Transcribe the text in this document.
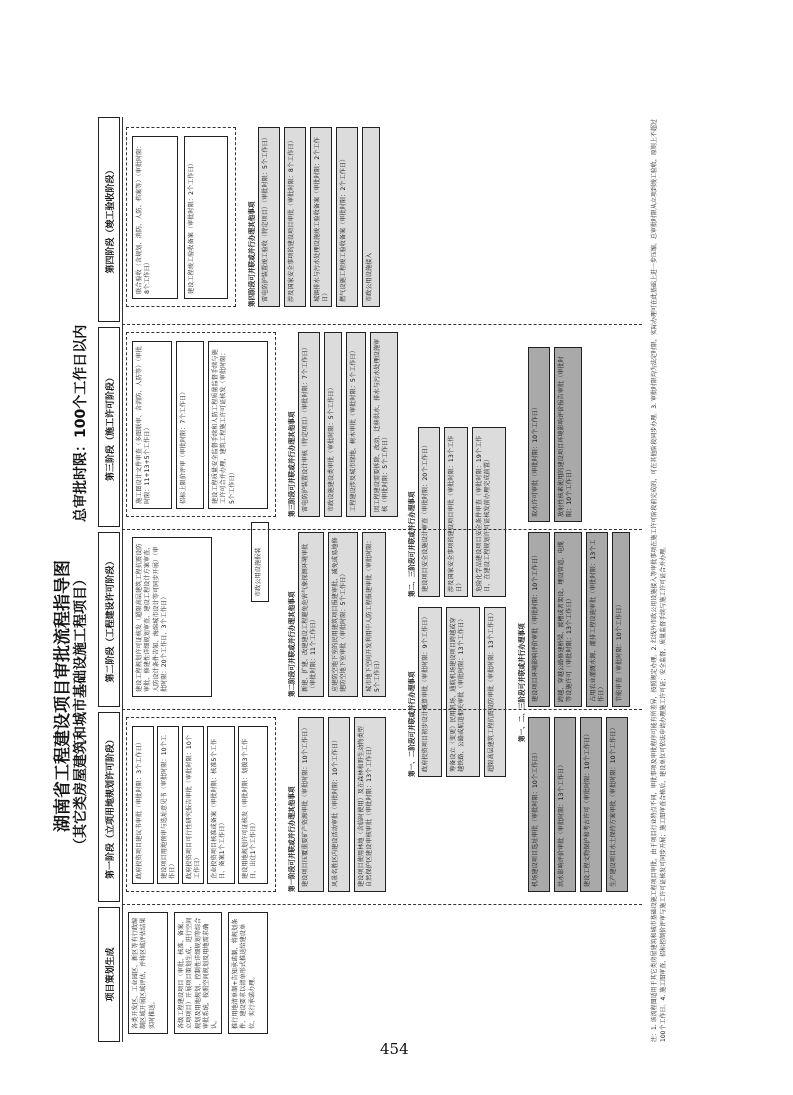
湖南省工程建设项目审批流程指导图 （其它类房屋建筑和城市基础设施工程项目）
总审批时限：100个工作日以内
项目策划生成
第一阶段（立项用地规划许可阶段）
第二阶段（工程建设许可阶段）
第三阶段（施工许可阶段）
第四阶段（竣工验收阶段）
各类开发区、工业园区、新区等有行政编制区域开展区域评估，并将区域评估结果实时推送。	各级工程建设项目（审批、核准、备案、立项项目）开展项目策划生成，进行空间规划及用地规划、控制性详细规划等综合审批系统，按照空间规划及用地需求确认。	推行用地清单制+告知承诺制，将规划条件、建设要求以清单形式推送给建设单位，实行承诺办理。
政府投资项目建议书审批（审批时限：3个工作日）	建设项目用地预审与选址意见书（审批时限：10个工作日）	政府投资项目可行性研究报告审批（审批时限：10个工作日）	企业投资项目核准或备案（审批时限：核准5个工作日、备案1个工作日）	建设用地规划许可证核发（审批时限：划拨3个工作日、出让1个工作日）
建设工程规划许可证核发（超限高层建筑工程抗震设防审批、修建性详细规划审查、建设工程设计方案审查、人防设计条件告知、海绵城市设计等可同步开展）（审批时限：20个工作日、3个工作日）
施工图设计文件审查（多图联审、含消防、人防等）（审批时限：11+13+5个工作日）	招标上限价评审（审批时限：7个工作日）	建设工程质量安全监督手续和人防工程质量监督手续与施工许可合并办理，建筑工程施工许可证核发（审批时限：5个工作日）
市政公用设施报装
联合验收（含规划、消防、人防、档案等）（审批时限：8个工作日）	建设工程竣工验收备案（审批时限：2个工作日）
第一阶段可并联或并行办理其他事项 建设项目压覆重要矿产资源审批（审批时限：10个工作日）	风景名胜区内建设活动审批（审批时限：10个工作日）	建设项目使用林地（含临时使用）及在森林和野生动物类型自然保护区建设审核审批（审批时限：13个工作日）
第二阶段可并联或并行办理其他事项 新建、扩建、改建建设工程避免危害气象探测环境审批（审批时限：11个工作日）	应建防空地下室的民用建筑项目报建审批、减免或易地修建防空地下室审批（审批时限：5个工作日）	城市地下空间开发利用中人防工程报建审批（审批时限：5个工作日）
第三阶段可并联或并行办理其他事项 雷电防护装置设计审核（特定项目）（审批时限：7个工作日）	市政设施建设类审批（审批时限：5个工作日）	工程建设涉及城市绿地、树木审批（审批时限：5个工作日）	因工程建设需要拆除、改动、迁移供水、排水与污水处理设施审核（审批时限：5个工作日）
第四阶段可并联或并行办理其他事项 雷电防护装置竣工验收（特定项目）（审批时限：5个工作日）	涉及国家安全事项的建设项目审批（审批时限：8个工作日）	城镇排水与污水处理设施竣工验收备案（审批时限：2个工作日）	燃气设施工程竣工验收备案（审批时限：2个工作日）	市政公用设施接入
第一、二阶段可并联或并行办理事项 政府投资项目初步设计概算审批（审批时限：9个工作日）	筹备设立（变更）民用机场、通航机场建设项目跨越或穿越铁路、公路或航道相关审批（审批时限：13个工作日）	超限高层建筑工程抗震设防审批（审批时限：13个工作日）
第二、三阶段可并联或并行办理事项 建设项目安全设施设计审查（审批时限：20个工作日）	涉及国家安全事项的建设项目审批（审批时限：13个工作日）	危险化学品建设项目安全条件审查（审批时限：19个工作日，在建设工程规划许可证核发前办理完成前置）
第一、二、三阶段可并联或并行办理事项
机场建设项目选址审批（审批时限：10个工作日）	洪水影响评价审批（审批时限：13个工作日）	建设工程文物保护和考古许可（审批时限：10个工作日）	生产建设项目水土保持方案审批（审批时限：10个工作日）
建设项目环境影响评价审批（审批时限：10个工作日）	跨越、穿越公路修建桥梁、渡槽或者架设、埋设管道、电缆等设施许可（审批时限：13个工作日）	占用农业灌溉水源、灌排工程设施审批（审批时限：13个工作日）	节能审查（审批时限：10个工作日）
取水许可审批（审批时限：10个工作日）	放射性核素使用的建设项目环境影响评价报告审批（审批时限：10个工作日）	注：1. 该流程图适用于其它类房屋建筑和城市基础设施工程项目审批。由于项目行业特点不同，审批事项及审批程序可能有所差异，按照规定办理。2. 红线外市政公用设施接入等审批事项在施工许可阶段前完成的，可在其他阶段同步办理。3. 审批时限均为法定时限，实际办理可在此基础上进一步压缩。总审批时限从立项到竣工验收，原则上不超过100个工作日。4. 施工图审查、招标控制价评审与施工许可证核发可同步开展；施工图审查合格后，建设单位可依法申请办理施工许可证；安全监督、质量监督手续与施工许可证合并办理。
454
